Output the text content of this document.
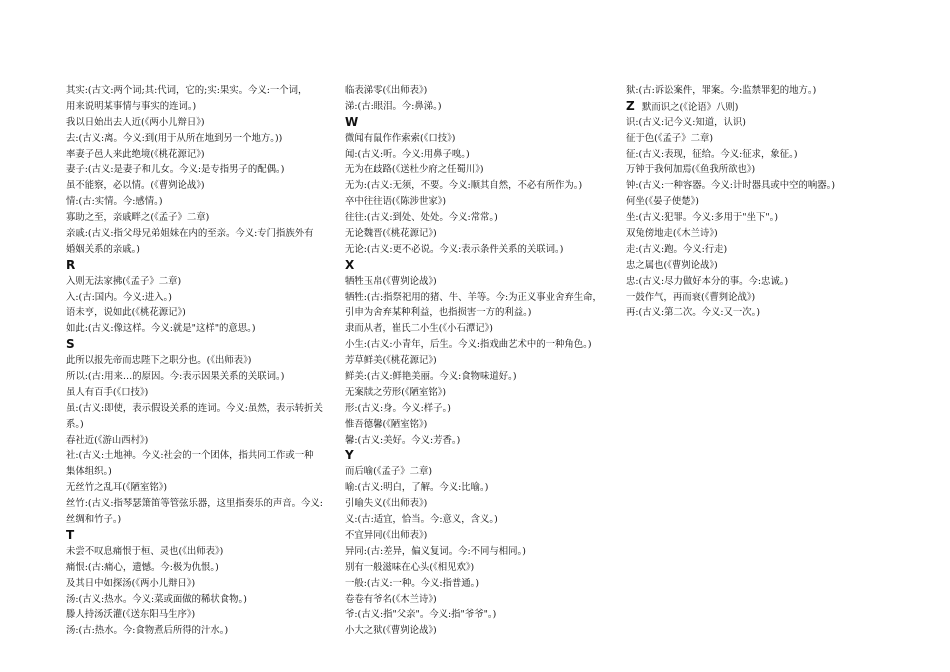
其实:(古文:两个词;其:代词，它的;实:果实。今义:一个词，
用来说明某事情与事实的连词。)
我以日始出去人近(《两小儿辩日》)
去:(古义:离。今义:到(用于从所在地到另一个地方。))
率妻子邑人来此绝境(《桃花源记》)
妻子:(古义:是妻子和儿女。今义:是专指男子的配偶。)
虽不能察，必以情。(《曹刿论战》)
情:(古:实情。今:感情。)
寡助之至，亲戚畔之(《孟子》二章)
亲戚:(古义:指父母兄弟姐妹在内的至亲。今义:专门指族外有
婚姻关系的亲戚。)
R
入则无法家拂(《孟子》二章)
入:(古:国内。今义:进入。)
语未亨，说如此(《桃花源记》)
如此:(古义:像这样。今义:就是"这样"的意思。)
S
此所以报先帝而忠陛下之职分也。(《出师表》)
所以:(古:用来…的原因。今:表示因果关系的关联词。)
虽人有百手(《口技》)
虽:(古义:即使，表示假设关系的连词。今义:虽然，表示转折关
系。)
春社近(《游山西村》)
社:(古义:土地神。今义:社会的一个团体，指共同工作或一种
集体组织。)
无丝竹之乱耳(《陋室铭》)
丝竹:(古义:指琴瑟箫笛等管弦乐器，这里指奏乐的声音。今义:
丝绸和竹子。)
T
未尝不叹息痛恨于桓、灵也(《出师表》)
痛恨:(古:痛心，遗憾。今:极为仇恨。)
及其日中如探汤(《两小儿辩日》)
汤:(古义:热水。今义:菜或面做的稀状食物。)
滕人持汤沃灌(《送东阳马生序》)
汤:(古:热水。今:食物煮后所得的汁水。)
临表涕零(《出师表》)
涕:(古:眼泪。今:鼻涕。)
W
微闻有鼠作作索索(《口技》)
闻:(古义:听。今义:用鼻子嗅。)
无为在歧路(《送杜少府之任蜀川》)
无为:(古义:无须，不要。今义:顺其自然，不必有所作为。)
卒中往往语(《陈涉世家》)
往往:(古义:到处、处处。今义:常常。)
无论魏晋(《桃花源记》)
无论:(古义:更不必说。今义:表示条件关系的关联词。)
X
牺牲玉帛(《曹刿论战》)
牺牲:(古:指祭祀用的猪、牛、羊等。今:为正义事业舍弃生命，
引申为舍弃某种利益，也指损害一方的利益。)
隶而从者，崔氏二小生(《小石潭记》)
小生:(古义:小青年，后生。今义:指戏曲艺术中的一种角色。)
芳草鲜美(《桃花源记》)
鲜美:(古义:鲜艳美丽。今义:食物味道好。)
无案牍之劳形(《陋室铭》)
形:(古义:身。今义:样子。)
惟吾德馨(《陋室铭》)
馨:(古义:美好。今义:芳香。)
Y
而后喻(《孟子》二章)
喻:(古义:明白，了解。今义:比喻。)
引喻失义(《出师表》)
义:(古:适宜，恰当。今:意义，含义。)
不宜异同(《出师表》)
异同:(古:差异，偏义复词。今:不同与相同。)
别有一般滋味在心头(《相见欢》)
一般:(古义:一种。今义:指普通。)
卷卷有爷名(《木兰诗》)
爷:(古义:指"父亲"。今义:指"爷爷"。)
小大之狱(《曹刿论战》)
狱:(古:诉讼案件，罪案。今:监禁罪犯的地方。)
Z 默而识之(《论语》八则)
识:(古义:记今义:知道，认识)
征于色(《孟子》二章)
征:(古义:表现，征给。今义:征求，象征。)
万钟于我何加焉(《鱼我所欲也》)
钟:(古义:一种容器。今义:计时器具或中空的响器。)
何坐(《晏子使楚》)
坐:(古义:犯罪。今义:多用于"坐下"。)
双兔傍地走(《木兰诗》)
走:(古义:跑。今义:行走)
忠之属也(《曹刿论战》)
忠:(古义:尽力做好本分的事。今:忠诚。)
一鼓作气，再而衰(《曹刿论战》)
再:(古义:第二次。今义:又一次。)
